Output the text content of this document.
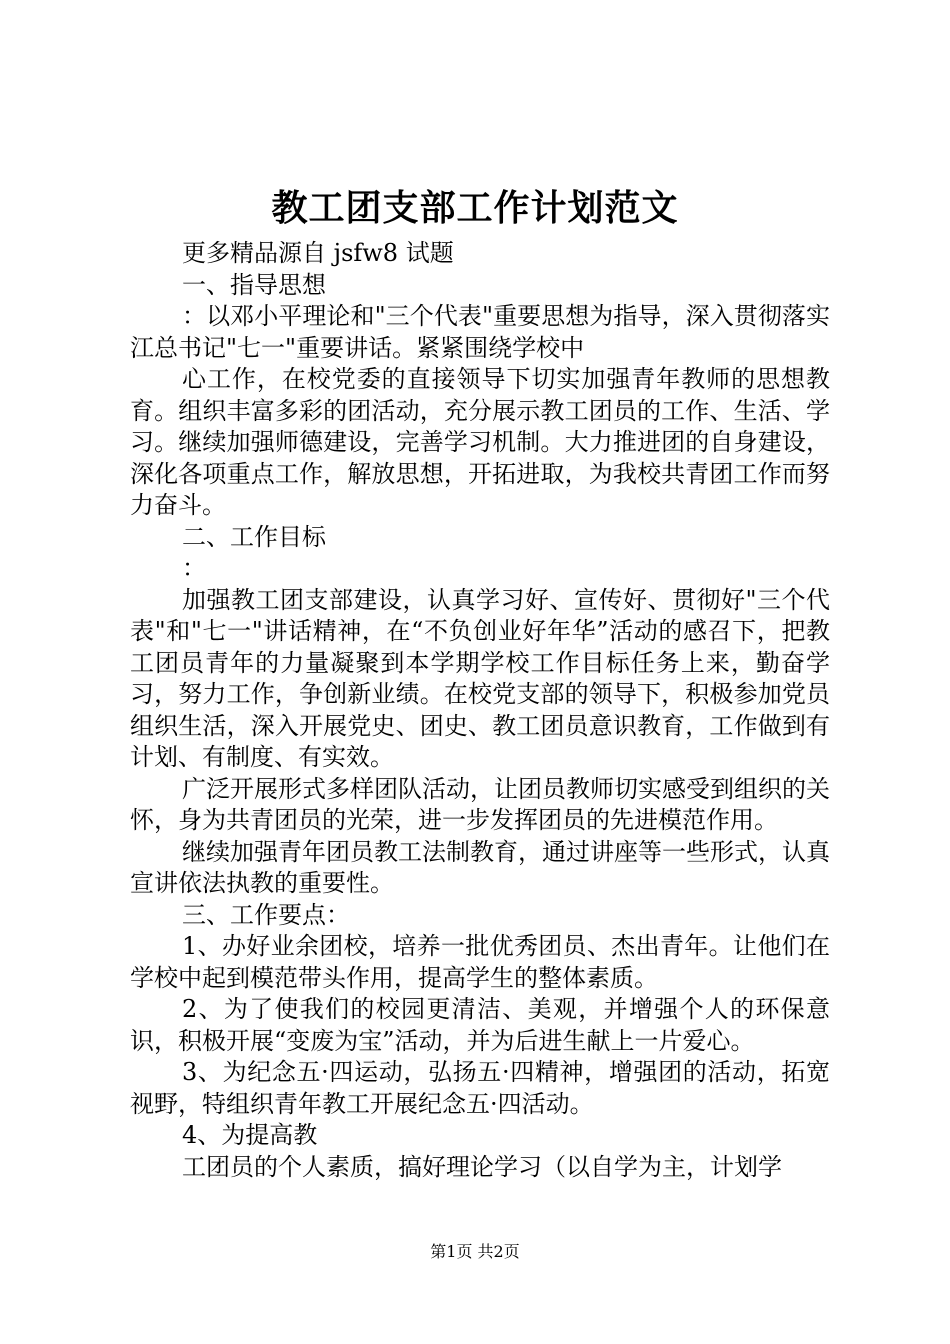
教工团支部工作计划范文

更多精品源自 jsfw8 试题

一、指导思想

：以邓小平理论和"三个代表"重要思想为指导，深入贯彻落实江总书记"七一"重要讲话。紧紧围绕学校中

心工作，在校党委的直接领导下切实加强青年教师的思想教育。组织丰富多彩的团活动，充分展示教工团员的工作、生活、学习。继续加强师德建设，完善学习机制。大力推进团的自身建设，深化各项重点工作，解放思想，开拓进取，为我校共青团工作而努力奋斗。

二、工作目标

：

加强教工团支部建设，认真学习好、宣传好、贯彻好"三个代表"和"七一"讲话精神，在“不负创业好年华”活动的感召下，把教工团员青年的力量凝聚到本学期学校工作目标任务上来，勤奋学习，努力工作，争创新业绩。在校党支部的领导下，积极参加党员组织生活，深入开展党史、团史、教工团员意识教育，工作做到有计划、有制度、有实效。

广泛开展形式多样团队活动，让团员教师切实感受到组织的关怀，身为共青团员的光荣，进一步发挥团员的先进模范作用。

继续加强青年团员教工法制教育，通过讲座等一些形式，认真宣讲依法执教的重要性。

三、工作要点：

1、办好业余团校，培养一批优秀团员、杰出青年。让他们在学校中起到模范带头作用，提高学生的整体素质。

2、为了使我们的校园更清洁、美观，并增强个人的环保意识，积极开展“变废为宝”活动，并为后进生献上一片爱心。

3、为纪念五·四运动，弘扬五·四精神，增强团的活动，拓宽视野，特组织青年教工开展纪念五·四活动。

4、为提高教

工团员的个人素质，搞好理论学习（以自学为主，计划学

第1页 共2页
